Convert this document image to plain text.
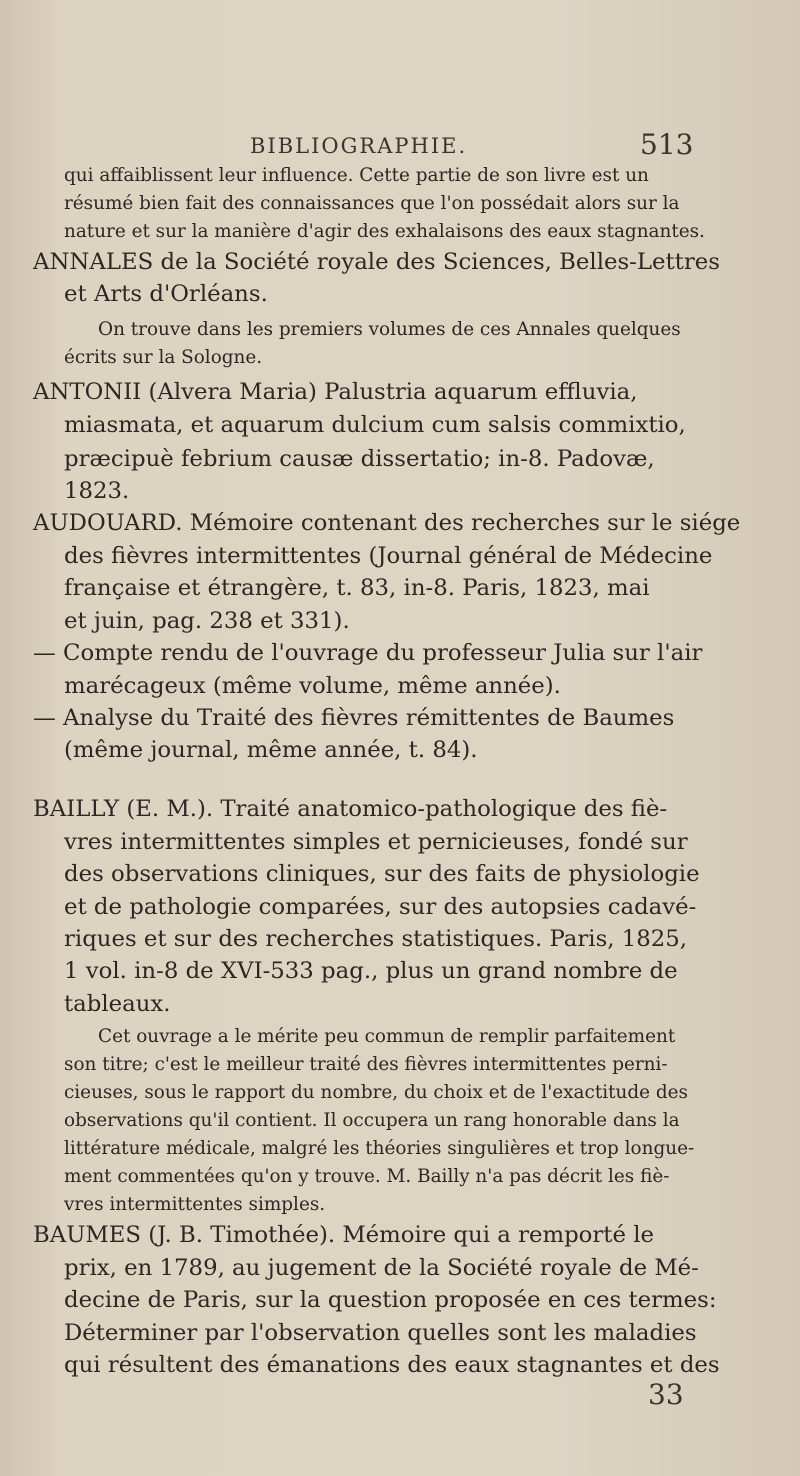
BIBLIOGRAPHIE.	513
qui affaiblissent leur influence. Cette partie de son livre est un
résumé bien fait des connaissances que l'on possédait alors sur la
nature et sur la manière d'agir des exhalaisons des eaux stagnantes.
ANNALES de la Société royale des Sciences, Belles-Lettres
et Arts d'Orléans.
On trouve dans les premiers volumes de ces Annales quelques
écrits sur la Sologne.
ANTONII (Alvera Maria) Palustria aquarum effluvia,
miasmata, et aquarum dulcium cum salsis commixtio,
præcipuè febrium causæ dissertatio; in-8. Padovæ,
1823.
AUDOUARD. Mémoire contenant des recherches sur le siége
des fièvres intermittentes (Journal général de Médecine
française et étrangère, t. 83, in-8. Paris, 1823, mai
et juin, pag. 238 et 331).
— Compte rendu de l'ouvrage du professeur Julia sur l'air
marécageux (même volume, même année).
— Analyse du Traité des fièvres rémittentes de Baumes
(même journal, même année, t. 84).
BAILLY (E. M.). Traité anatomico-pathologique des fiè-
vres intermittentes simples et pernicieuses, fondé sur
des observations cliniques, sur des faits de physiologie
et de pathologie comparées, sur des autopsies cadavé-
riques et sur des recherches statistiques. Paris, 1825,
1 vol. in-8 de XVI-533 pag., plus un grand nombre de
tableaux.
Cet ouvrage a le mérite peu commun de remplir parfaitement
son titre; c'est le meilleur traité des fièvres intermittentes perni-
cieuses, sous le rapport du nombre, du choix et de l'exactitude des
observations qu'il contient. Il occupera un rang honorable dans la
littérature médicale, malgré les théories singulières et trop longue-
ment commentées qu'on y trouve. M. Bailly n'a pas décrit les fiè-
vres intermittentes simples.
BAUMES (J. B. Timothée). Mémoire qui a remporté le
prix, en 1789, au jugement de la Société royale de Mé-
decine de Paris, sur la question proposée en ces termes:
Déterminer par l'observation quelles sont les maladies
qui résultent des émanations des eaux stagnantes et des
33
